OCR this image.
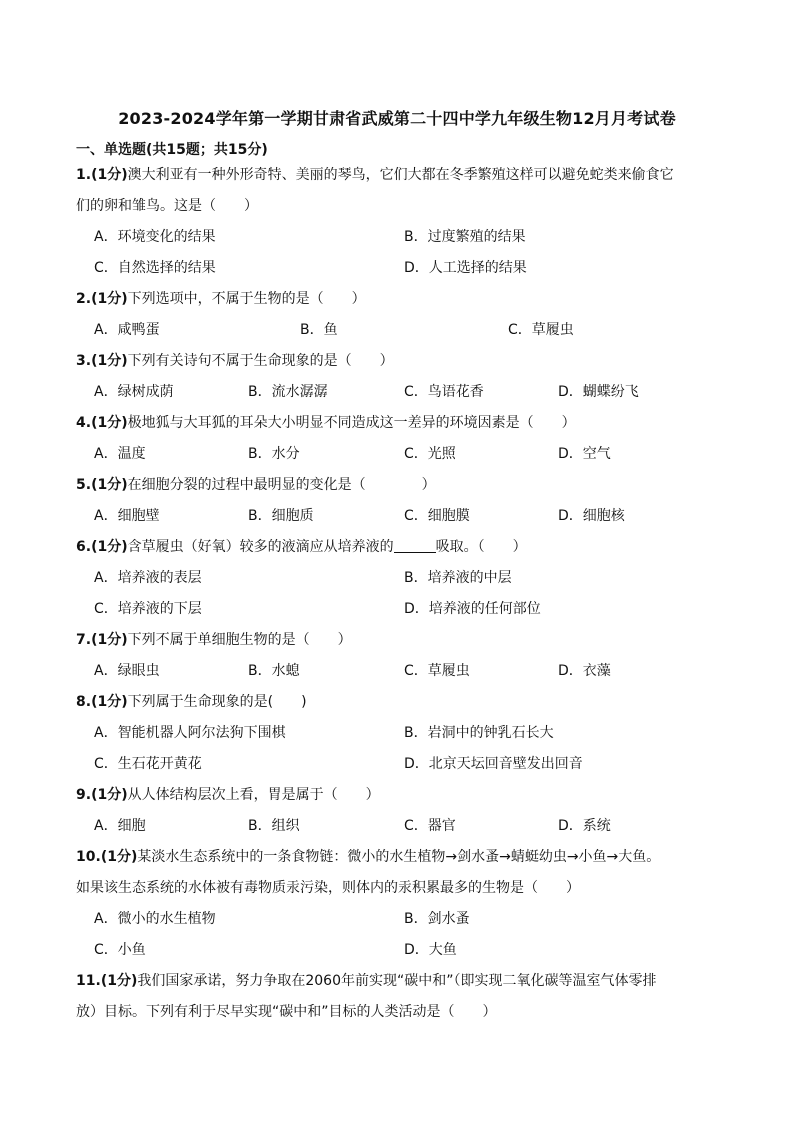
2023-2024学年第一学期甘肃省武威第二十四中学九年级生物12月月考试卷
一、单选题(共15题；共15分)
1.(1分)澳大利亚有一种外形奇特、美丽的琴鸟，它们大都在冬季繁殖这样可以避免蛇类来偷食它
们的卵和雏鸟。这是（　　）
A．环境变化的结果	B．过度繁殖的结果
C．自然选择的结果	D．人工选择的结果
2.(1分)下列选项中，不属于生物的是（　　）
A．咸鸭蛋	B．鱼	C．草履虫
3.(1分)下列有关诗句不属于生命现象的是（　　）
A．绿树成荫	B．流水潺潺	C．鸟语花香	D．蝴蝶纷飞
4.(1分)极地狐与大耳狐的耳朵大小明显不同造成这一差异的环境因素是（　　）
A．温度	B．水分	C．光照	D．空气
5.(1分)在细胞分裂的过程中最明显的变化是（　　　　）
A．细胞壁	B．细胞质	C．细胞膜	D．细胞核
6.(1分)含草履虫（好氧）较多的液滴应从培养液的	吸取。（　　）
A．培养液的表层	B．培养液的中层
C．培养液的下层	D．培养液的任何部位
7.(1分)下列不属于单细胞生物的是（　　）
A．绿眼虫	B．水螅	C．草履虫	D．衣藻
8.(1分)下列属于生命现象的是(　　)
A．智能机器人阿尔法狗下围棋	B．岩洞中的钟乳石长大
C．生石花开黄花	D．北京天坛回音壁发出回音
9.(1分)从人体结构层次上看，胃是属于（　　）
A．细胞	B．组织	C．器官	D．系统
10.(1分)某淡水生态系统中的一条食物链：微小的水生植物→剑水蚤→蜻蜓幼虫→小鱼→大鱼。
如果该生态系统的水体被有毒物质汞污染，则体内的汞积累最多的生物是（　　）
A．微小的水生植物	B．剑水蚤
C．小鱼	D．大鱼
11.(1分)我们国家承诺，努力争取在2060年前实现“碳中和”（即实现二氧化碳等温室气体零排
放）目标。下列有利于尽早实现“碳中和”目标的人类活动是（　　）
